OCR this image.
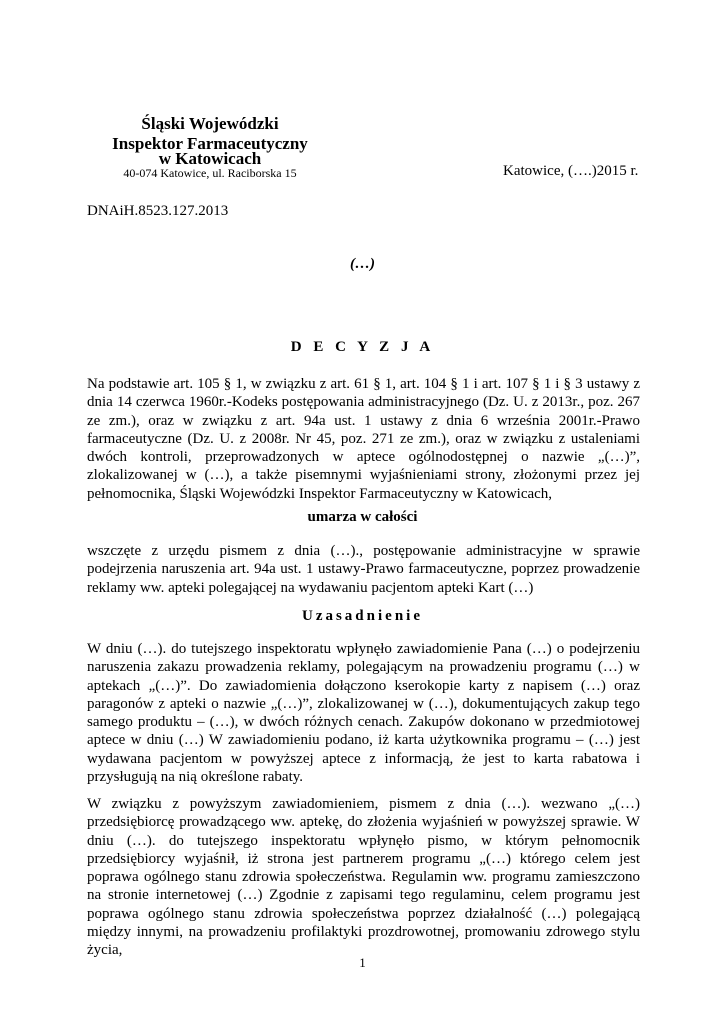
Śląski Wojewódzki
Inspektor Farmaceutyczny
w Katowicach
40-074 Katowice, ul. Raciborska 15	Katowice, (….)2015 r.
DNAiH.8523.127.2013
(…)
D E C Y Z J A
Na podstawie art. 105 § 1, w związku z art. 61 § 1, art. 104 § 1 i art. 107 § 1 i § 3 ustawy z dnia 14 czerwca 1960r.-Kodeks postępowania administracyjnego (Dz. U. z 2013r., poz. 267 ze zm.), oraz w związku z art. 94a ust. 1 ustawy z dnia 6 września 2001r.-Prawo farmaceutyczne (Dz. U. z 2008r. Nr 45, poz. 271 ze zm.), oraz w związku z ustaleniami dwóch kontroli, przeprowadzonych w aptece ogólnodostępnej o nazwie „(…)”, zlokalizowanej w (…), a także pisemnymi wyjaśnieniami strony, złożonymi przez jej pełnomocnika, Śląski Wojewódzki Inspektor Farmaceutyczny w Katowicach,
umarza w całości
wszczęte z urzędu pismem z dnia (…)., postępowanie administracyjne w sprawie podejrzenia naruszenia art. 94a ust. 1 ustawy-Prawo farmaceutyczne, poprzez prowadzenie reklamy ww. apteki polegającej na wydawaniu pacjentom apteki Kart (…)
Uzasadnienie
W dniu (…). do tutejszego inspektoratu wpłynęło zawiadomienie Pana (…) o podejrzeniu naruszenia zakazu prowadzenia reklamy, polegającym na prowadzeniu programu (…) w aptekach „(…)”. Do zawiadomienia dołączono kserokopie karty z napisem (…) oraz paragonów z apteki o nazwie „(…)”, zlokalizowanej w (…), dokumentujących zakup tego samego produktu – (…), w dwóch różnych cenach. Zakupów dokonano w przedmiotowej aptece w dniu (…) W zawiadomieniu podano, iż karta użytkownika programu – (…) jest wydawana pacjentom w powyższej aptece z informacją, że jest to karta rabatowa i przysługują na nią określone rabaty.
W związku z powyższym zawiadomieniem, pismem z dnia (…). wezwano „(…) przedsiębiorcę prowadzącego ww. aptekę, do złożenia wyjaśnień w powyższej sprawie. W dniu (…). do tutejszego inspektoratu wpłynęło pismo, w którym pełnomocnik przedsiębiorcy wyjaśnił, iż strona jest partnerem programu „(…) którego celem jest poprawa ogólnego stanu zdrowia społeczeństwa. Regulamin ww. programu zamieszczono na stronie internetowej (…) Zgodnie z zapisami tego regulaminu, celem programu jest poprawa ogólnego stanu zdrowia społeczeństwa poprzez działalność (…) polegającą między innymi, na prowadzeniu profilaktyki prozdrowotnej, promowaniu zdrowego stylu życia,
1
